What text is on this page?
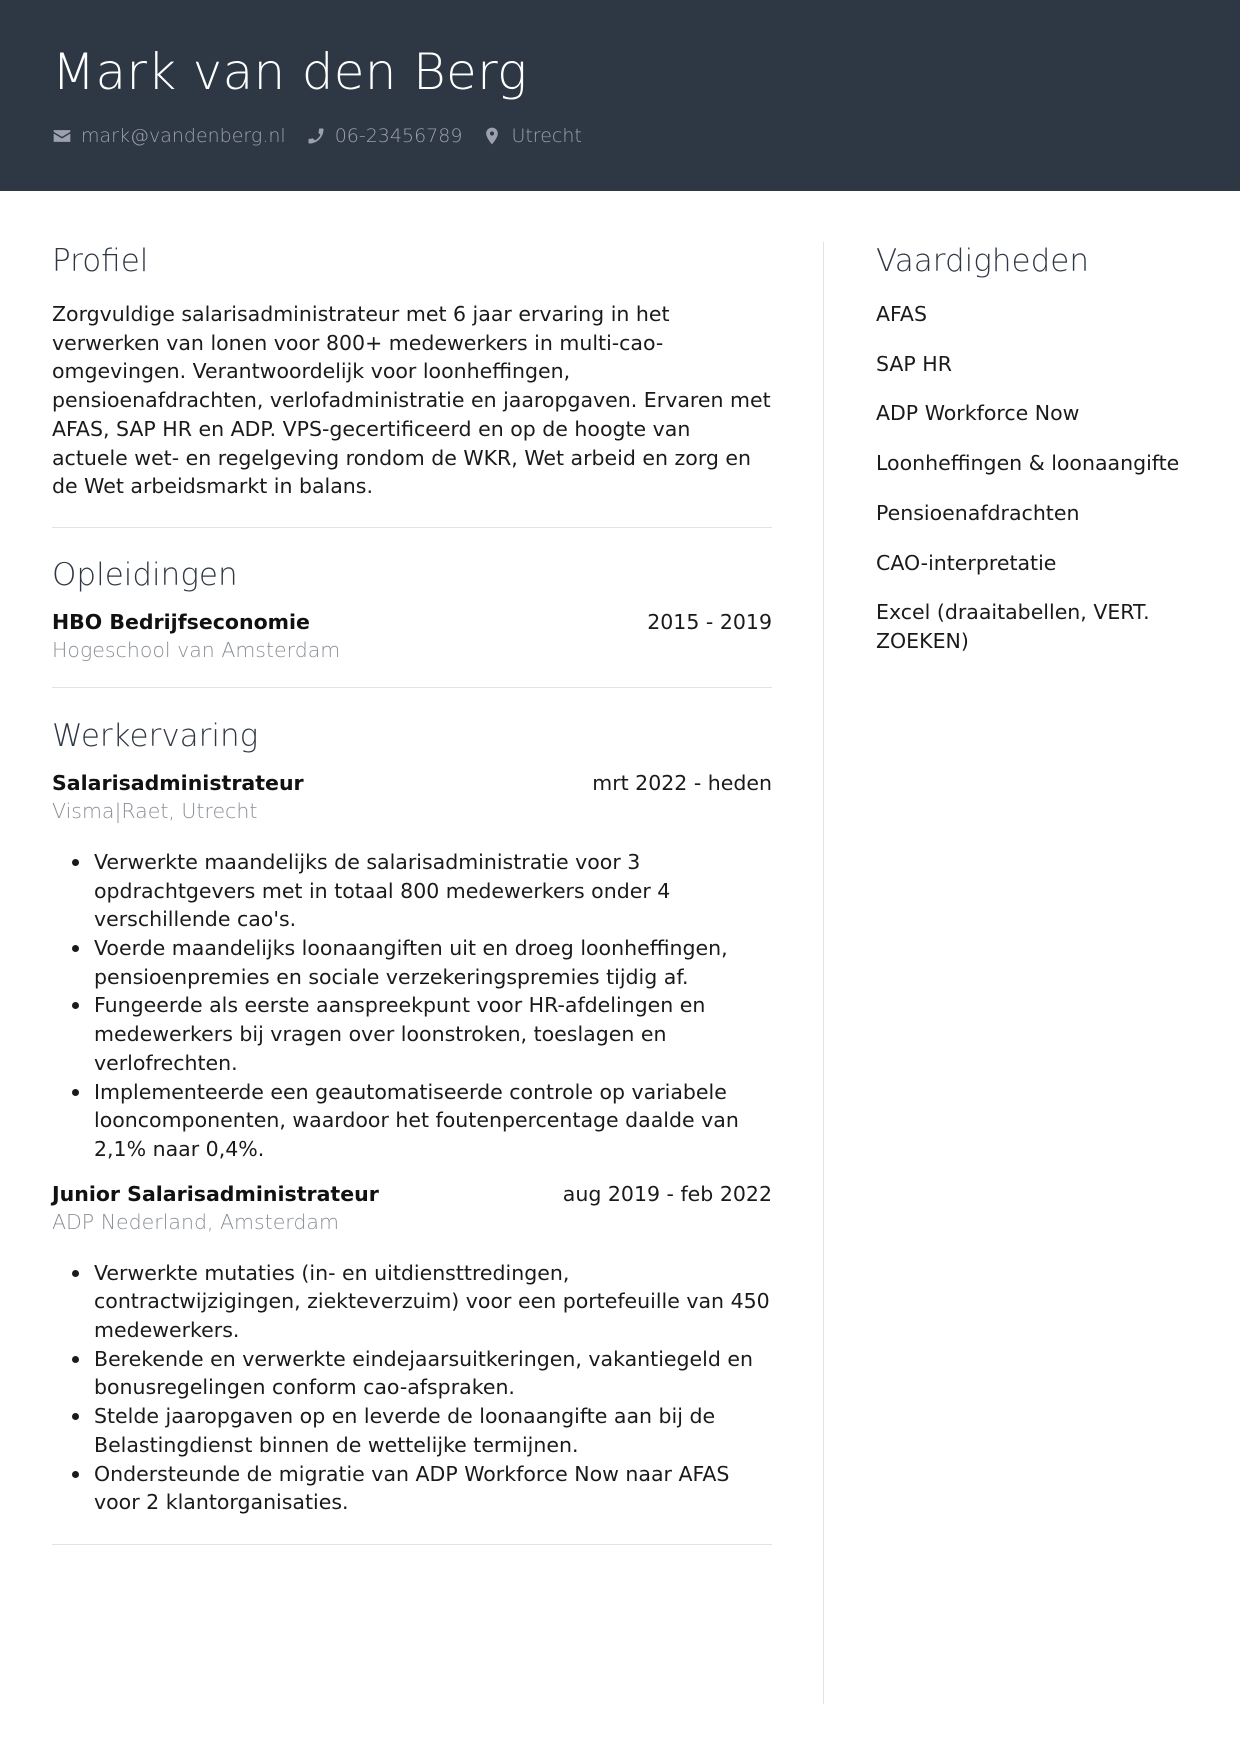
Mark van den Berg
mark@vandenberg.nl	06-23456789	Utrecht
Profiel

Zorgvuldige salarisadministrateur met 6 jaar ervaring in het verwerken van lonen voor 800+ medewerkers in multi-cao-omgevingen. Verantwoordelijk voor loonheffingen, pensioenafdrachten, verlofadministratie en jaaropgaven. Ervaren met AFAS, SAP HR en ADP. VPS-gecertificeerd en op de hoogte van actuele wet- en regelgeving rondom de WKR, Wet arbeid en zorg en de Wet arbeidsmarkt in balans.

Opleidingen
HBO Bedrijfseconomie	2015 - 2019
Hogeschool van Amsterdam
Werkervaring
Salarisadministrateur	mrt 2022 - heden
Visma|Raet, Utrecht
Verwerkte maandelijks de salarisadministratie voor 3 opdrachtgevers met in totaal 800 medewerkers onder 4 verschillende cao's.
Voerde maandelijks loonaangiften uit en droeg loonheffingen, pensioenpremies en sociale verzekeringspremies tijdig af.
Fungeerde als eerste aanspreekpunt voor HR-afdelingen en medewerkers bij vragen over loonstroken, toeslagen en verlofrechten.
Implementeerde een geautomatiseerde controle op variabele looncomponenten, waardoor het foutenpercentage daalde van 2,1% naar 0,4%.
Junior Salarisadministrateur	aug 2019 - feb 2022
ADP Nederland, Amsterdam
Verwerkte mutaties (in- en uitdiensttredingen, contractwijzigingen, ziekteverzuim) voor een portefeuille van 450 medewerkers.
Berekende en verwerkte eindejaarsuitkeringen, vakantiegeld en bonusregelingen conform cao-afspraken.
Stelde jaaropgaven op en leverde de loonaangifte aan bij de Belastingdienst binnen de wettelijke termijnen.
Ondersteunde de migratie van ADP Workforce Now naar AFAS voor 2 klantorganisaties.
Vaardigheden
AFAS
SAP HR
ADP Workforce Now
Loonheffingen & loonaangifte
Pensioenafdrachten
CAO-interpretatie
Excel (draaitabellen, VERT. ZOEKEN)
